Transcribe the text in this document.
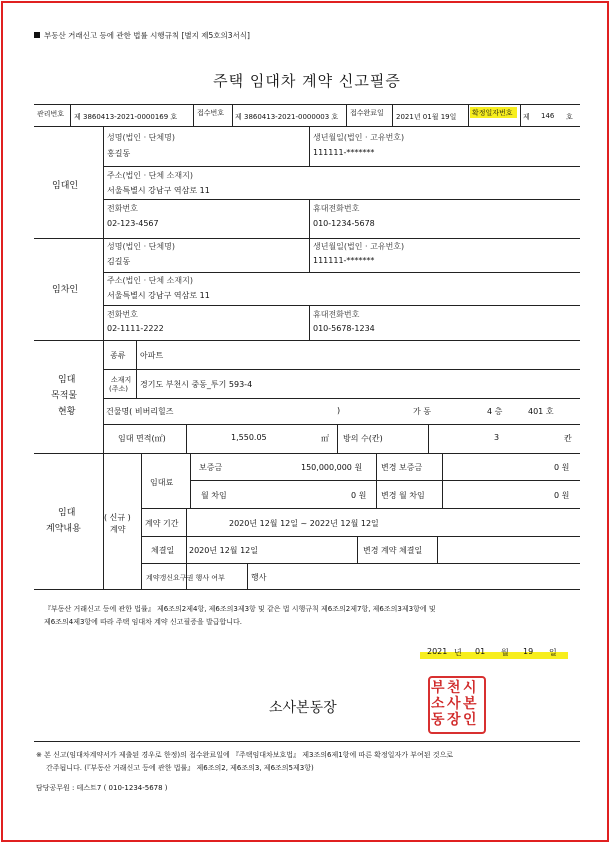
부동산 거래신고 등에 관한 법률 시행규칙 [별지 제5호의3서식]
주택 임대차 계약 신고필증
관리번호 제 3860413-2021-0000169 호	접수번호 제 3860413-2021-0000003 호 접수완료일 2021년 01월 19일 확정일자번호 제 146 호
임대인
성명(법인 · 단체명)
홍길동
생년월일(법인 · 고유번호)
111111-*******
주소(법인 · 단체 소재지)
서울특별시 강남구 역삼로 11
전화번호
02-123-4567
휴대전화번호
010-1234-5678
임차인
성명(법인 · 단체명)
김길동
생년월일(법인 · 고유번호)
111111-*******
주소(법인 · 단체 소재지)
서울특별시 강남구 역삼로 11
전화번호
02-1111-2222
휴대전화번호
010-5678-1234
임대
목적물
현황
종류 아파트
소재지
(주소) 경기도 부천시 중동_투기 593-4
건물명( 비버리힐즈	)	가 동	4 층	401 호
임대 면적(㎡)	1,550.05	㎡ 방의 수(칸)	3	칸
임대
계약내용
( 신규 )
계약
임대료
보증금	150,000,000 원 변경 보증금	0 원
월 차임	0 원 변경 월 차임	0 원
계약 기간	2020년 12월 12일 ~ 2022년 12월 12일
체결일 2020년 12월 12일	변경 계약 체결일
계약갱신요구권 행사 여부	행사
『부동산 거래신고 등에 관한 법률』 제6조의2제4항, 제6조의3제3항 및 같은 법 시행규칙 제6조의2제7항, 제6조의3제3항에 및
제6조의4제3항에 따라 주택 임대차 계약 신고필증을 발급합니다.
2021 년 01 월 19 일
소사본동장
시
본
인
천
사
장
부
소
동
※ 본 신고(임대차계약서가 제출된 경우로 한정)의 접수완료일에 『주택임대차보호법』 제3조의6제1항에 따른 확정일자가 부여된 것으로
간주됩니다. (『부동산 거래신고 등에 관한 법률』 제6조의2, 제6조의3, 제6조의5제3항)
담당공무원 : 테스트7 ( 010-1234-5678 )
